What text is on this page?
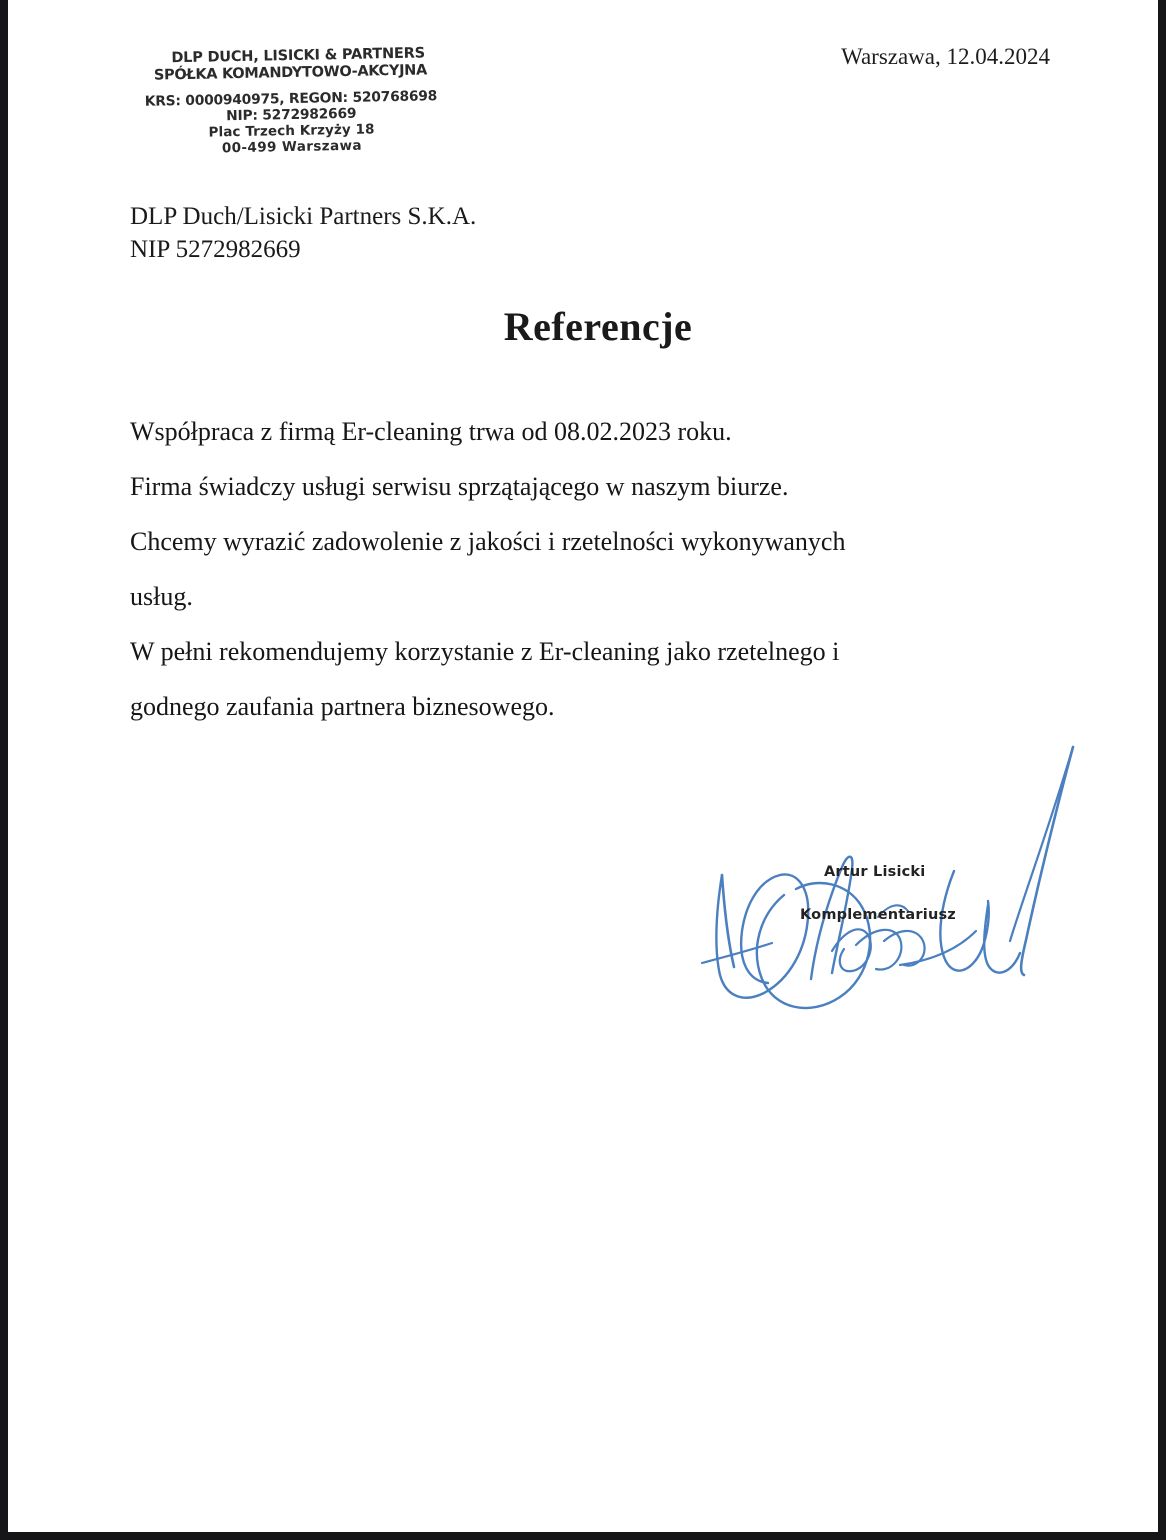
DLP DUCH, LISICKI & PARTNERS
SPÓŁKA KOMANDYTOWO-AKCYJNA
KRS: 0000940975, REGON: 520768698
NIP: 5272982669
Plac Trzech Krzyży 18
00-499 Warszawa
Warszawa, 12.04.2024
DLP Duch/Lisicki Partners S.K.A.
NIP 5272982669
Referencje

Współpraca z firmą Er-cleaning trwa od 08.02.2023 roku.

Firma świadczy usługi serwisu sprzątającego w naszym biurze.

Chcemy wyrazić zadowolenie z jakości i rzetelności wykonywanych

usług.

W pełni rekomendujemy korzystanie z Er-cleaning jako rzetelnego i

godnego zaufania partnera biznesowego.

Artur Lisicki
Komplementariusz
